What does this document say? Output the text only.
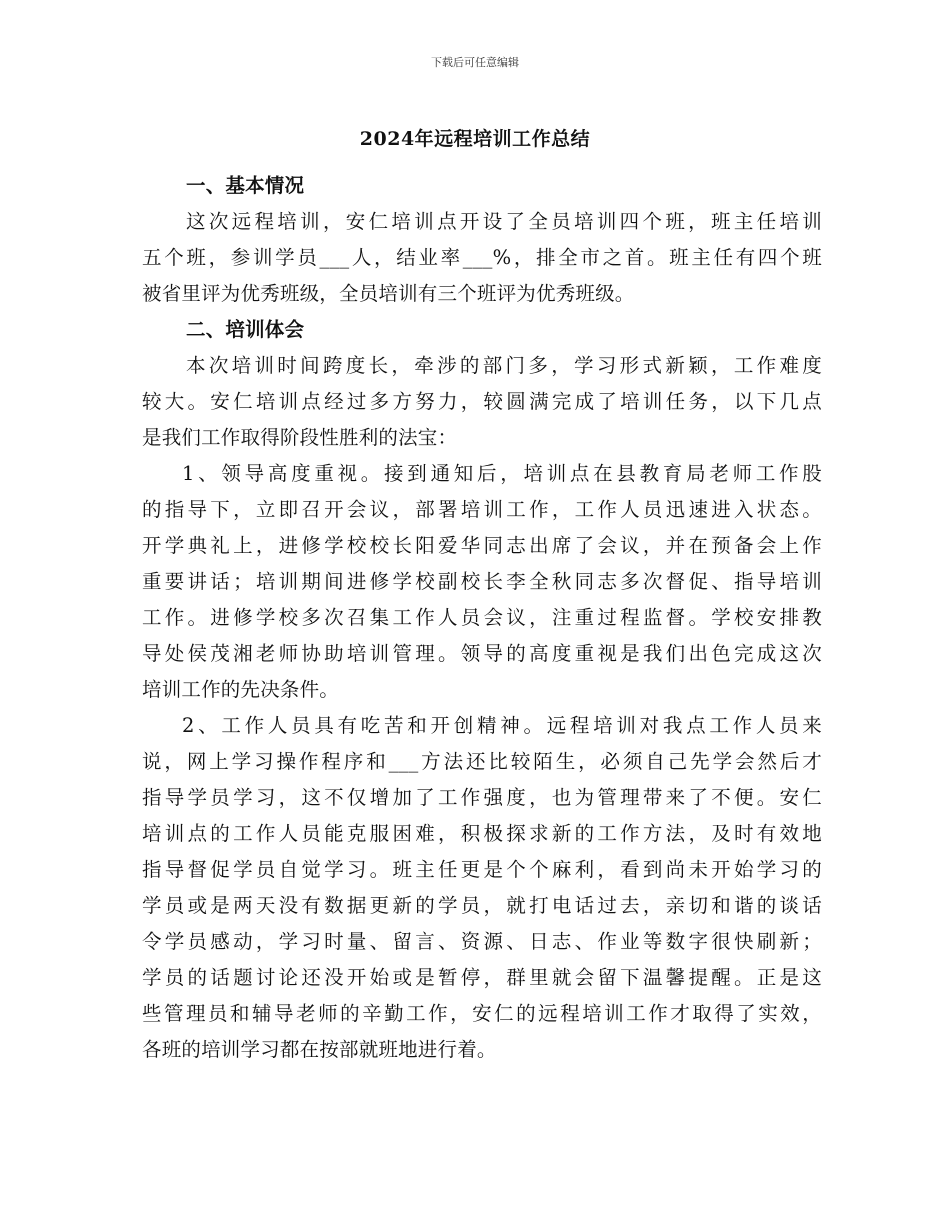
下载后可任意编辑
2024年远程培训工作总结
一、基本情况
这次远程培训，安仁培训点开设了全员培训四个班，班主任培训
五个班，参训学员___人，结业率___%，排全市之首。班主任有四个班
被省里评为优秀班级，全员培训有三个班评为优秀班级。
二、培训体会
本次培训时间跨度长，牵涉的部门多，学习形式新颖，工作难度
较大。安仁培训点经过多方努力，较圆满完成了培训任务，以下几点
是我们工作取得阶段性胜利的法宝：
1、领导高度重视。接到通知后，培训点在县教育局老师工作股
的指导下，立即召开会议，部署培训工作，工作人员迅速进入状态。
开学典礼上，进修学校校长阳爱华同志出席了会议，并在预备会上作
重要讲话；培训期间进修学校副校长李全秋同志多次督促、指导培训
工作。进修学校多次召集工作人员会议，注重过程监督。学校安排教
导处侯茂湘老师协助培训管理。领导的高度重视是我们出色完成这次
培训工作的先决条件。
2、工作人员具有吃苦和开创精神。远程培训对我点工作人员来
说，网上学习操作程序和___方法还比较陌生，必须自己先学会然后才
指导学员学习，这不仅增加了工作强度，也为管理带来了不便。安仁
培训点的工作人员能克服困难，积极探求新的工作方法，及时有效地
指导督促学员自觉学习。班主任更是个个麻利，看到尚未开始学习的
学员或是两天没有数据更新的学员，就打电话过去，亲切和谐的谈话
令学员感动，学习时量、留言、资源、日志、作业等数字很快刷新；
学员的话题讨论还没开始或是暂停，群里就会留下温馨提醒。正是这
些管理员和辅导老师的辛勤工作，安仁的远程培训工作才取得了实效，
各班的培训学习都在按部就班地进行着。
